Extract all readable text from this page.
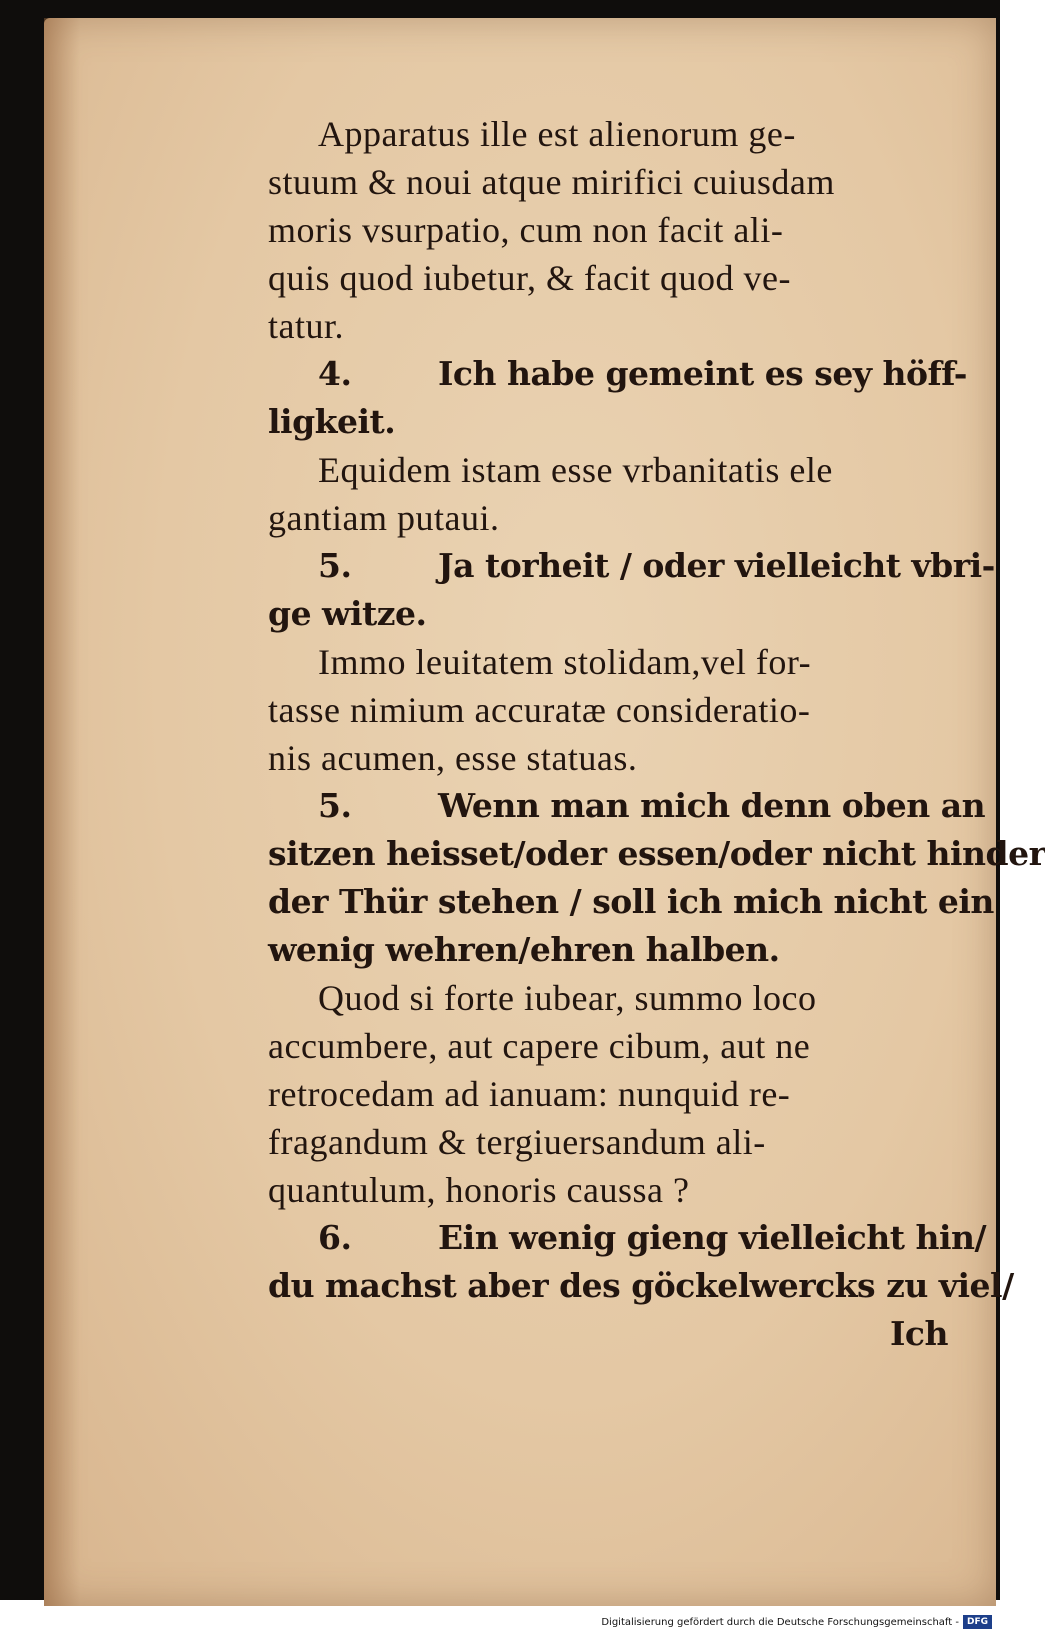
Apparatus ille est alienorum ge-
stuum & noui atque mirifici cuiusdam
moris vsurpatio, cum non facit ali-
quis quod iubetur, & facit quod ve-
tatur.
4.	Ich habe gemeint es sey höff-
ligkeit.
Equidem istam esse vrbanitatis ele
gantiam putaui.
5.	Ja torheit / oder vielleicht vbri-
ge witze.
Immo leuitatem stolidam,vel for-
tasse nimium accuratæ consideratio-
nis acumen, esse statuas.
5.	Wenn man mich denn oben an
sitzen heisset/oder essen/oder nicht hinder
der Thür stehen / soll ich mich nicht ein
wenig wehren/ehren halben.
Quod si forte iubear, summo loco
accumbere, aut capere cibum, aut ne
retrocedam ad ianuam: nunquid re-
fragandum & tergiuersandum ali-
quantulum, honoris caussa ?
6.	Ein wenig gieng vielleicht hin/
du machst aber des göckelwercks zu viel/
Ich
Digitalisierung gefördert durch die Deutsche Forschungsgemeinschaft - DFG
